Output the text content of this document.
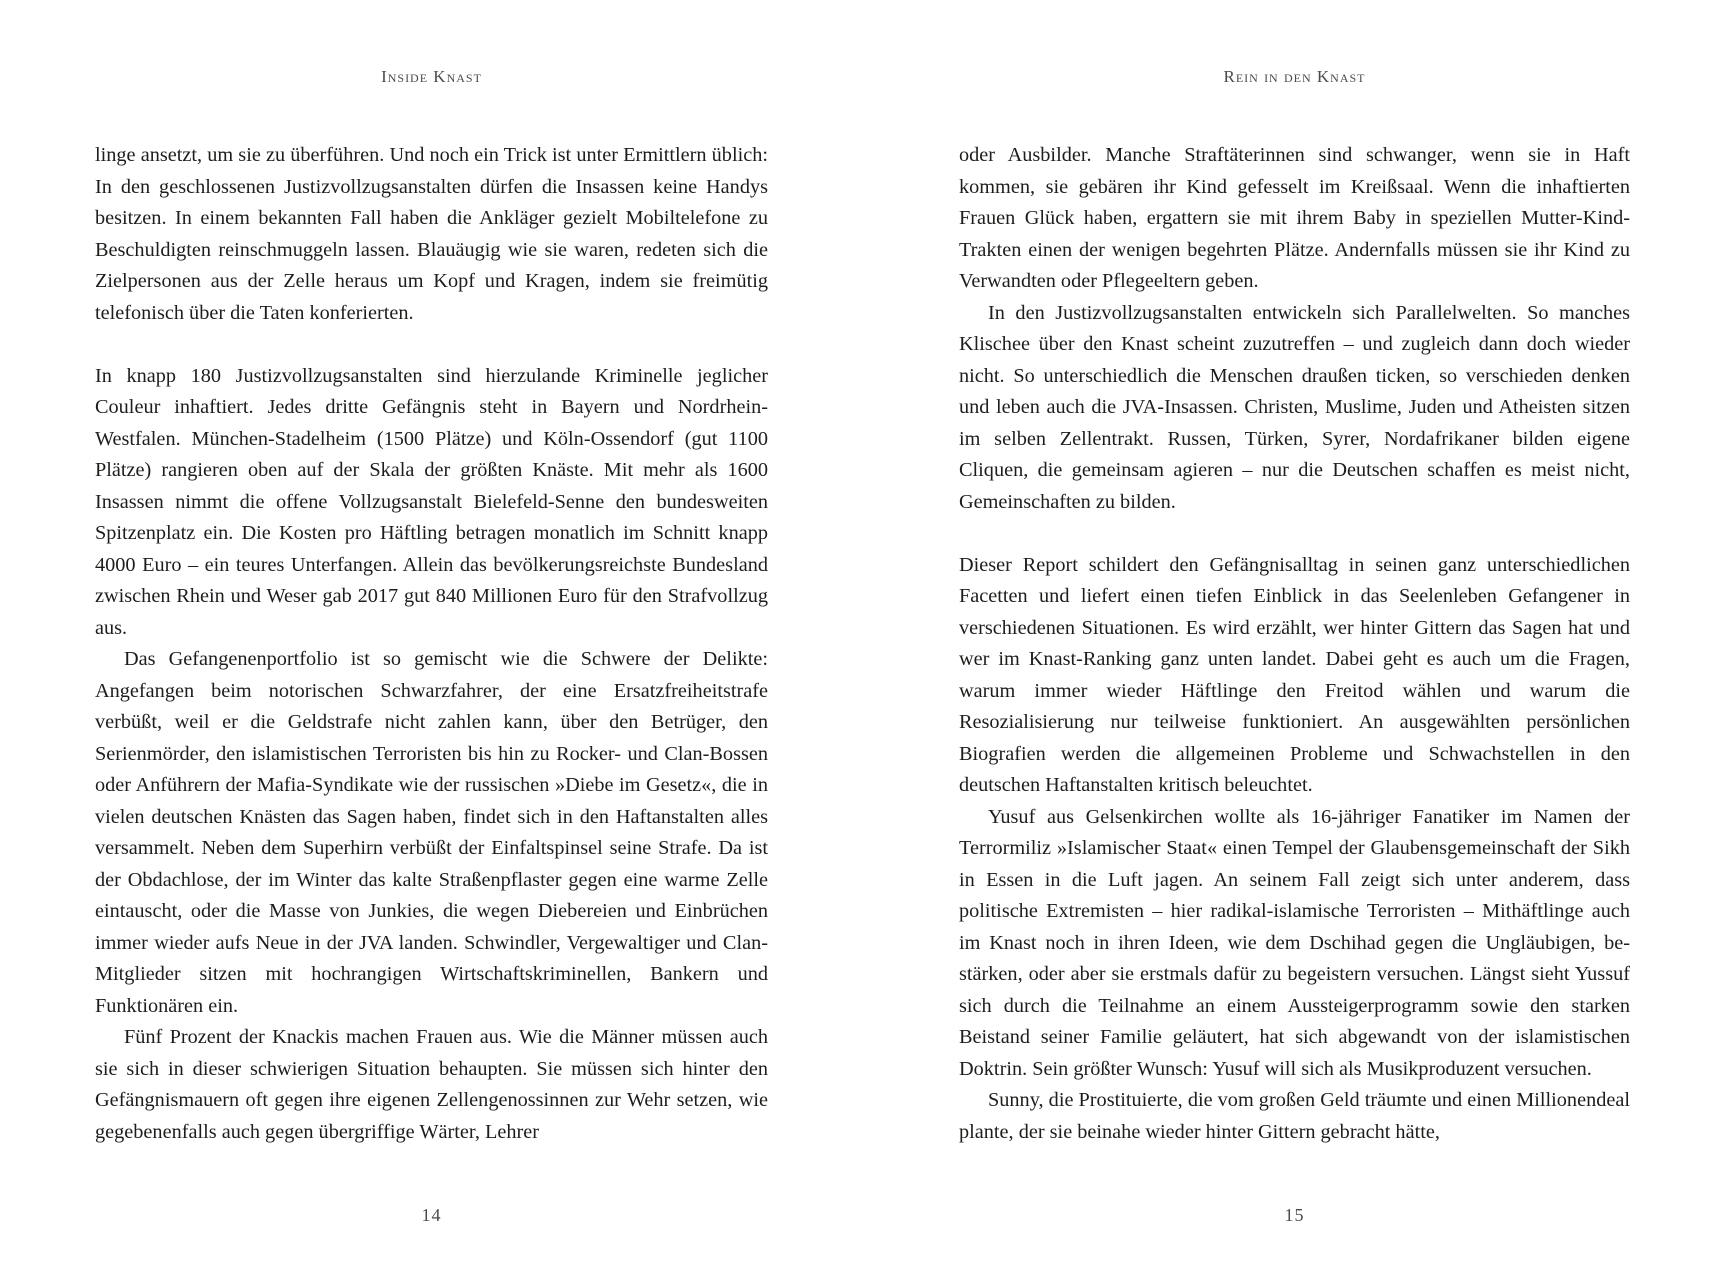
Inside Knast

linge ansetzt, um sie zu überführen. Und noch ein Trick ist unter Ermittlern üblich: In den geschlossenen Justizvollzugsanstalten dürfen die Insassen keine Handys besitzen. In einem bekannten Fall haben die Ankläger gezielt Mobiltelefone zu Beschuldigten reinschmuggeln lassen. Blauäugig wie sie waren, redeten sich die Zielpersonen aus der Zelle heraus um Kopf und Kragen, indem sie freimütig telefonisch über die Taten konferierten.

In knapp 180 Justizvollzugsanstalten sind hierzulande Kriminelle jeglicher Couleur inhaftiert. Jedes dritte Gefängnis steht in Bayern und Nordrhein-Westfalen. München-Stadelheim (1500 Plätze) und Köln-Ossendorf (gut 1100 Plätze) rangieren oben auf der Skala der größten Knäste. Mit mehr als 1600 Insassen nimmt die offene Vollzugsanstalt Bielefeld-Senne den bundesweiten Spitzenplatz ein. Die Kosten pro Häftling betragen monatlich im Schnitt knapp 4000 Euro – ein teures Unterfangen. Allein das bevölkerungsreichste Bundesland zwischen Rhein und Weser gab 2017 gut 840 Millionen Euro für den Strafvollzug aus.

Das Gefangenenportfolio ist so gemischt wie die Schwere der Delikte: Angefangen beim notorischen Schwarzfahrer, der eine Ersatzfreiheitstrafe verbüßt, weil er die Geldstrafe nicht zahlen kann, über den Betrüger, den Serienmörder, den islamistischen Terroristen bis hin zu Rocker- und Clan-Bossen oder Anführern der Mafia-Syndikate wie der russischen »Diebe im Gesetz«, die in vielen deutschen Knästen das Sagen haben, findet sich in den Haftanstalten alles versammelt. Neben dem Superhirn verbüßt der Einfaltspinsel seine Strafe. Da ist der Obdachlose, der im Winter das kalte Straßenpflaster gegen eine warme Zelle eintauscht, oder die Masse von Junkies, die wegen Diebereien und Einbrüchen immer wieder aufs Neue in der JVA landen. Schwindler, Vergewaltiger und Clan-Mitglieder sitzen mit hochrangigen Wirtschaftskriminellen, Bankern und Funktionären ein.

Fünf Prozent der Knackis machen Frauen aus. Wie die Männer müssen auch sie sich in dieser schwierigen Situation behaupten. Sie müssen sich hinter den Gefängnismauern oft gegen ihre eigenen Zellengenossinnen zur Wehr setzen, wie gegebenenfalls auch gegen übergriffige Wärter, Lehrer

14
Rein in den Knast

oder Ausbilder. Manche Straftäterinnen sind schwanger, wenn sie in Haft kommen, sie gebären ihr Kind gefesselt im Kreißsaal. Wenn die inhaftierten Frauen Glück haben, ergattern sie mit ihrem Baby in speziellen Mutter-Kind-Trakten einen der wenigen begehrten Plätze. Andernfalls müssen sie ihr Kind zu Verwandten oder Pflegeeltern geben.

In den Justizvollzugsanstalten entwickeln sich Parallelwelten. So manches Klischee über den Knast scheint zuzutreffen – und zugleich dann doch wieder nicht. So unterschiedlich die Menschen draußen ticken, so verschieden denken und leben auch die JVA-Insassen. Christen, Muslime, Juden und Atheisten sitzen im selben Zellentrakt. Russen, Türken, Syrer, Nordafrikaner bilden eigene Cliquen, die gemeinsam agieren – nur die Deutschen schaffen es meist nicht, Gemeinschaften zu bilden.

Dieser Report schildert den Gefängnisalltag in seinen ganz unterschiedlichen Facetten und liefert einen tiefen Einblick in das Seelenleben Gefangener in verschiedenen Situationen. Es wird erzählt, wer hinter Gittern das Sagen hat und wer im Knast-Ranking ganz unten landet. Dabei geht es auch um die Fragen, warum immer wieder Häftlinge den Freitod wählen und warum die Resozialisierung nur teilweise funktioniert. An ausgewählten persönlichen Biografien werden die allgemeinen Probleme und Schwachstellen in den deutschen Haftanstalten kritisch beleuchtet.

Yusuf aus Gelsenkirchen wollte als 16-jähriger Fanatiker im Namen der Terrormiliz »Islamischer Staat« einen Tempel der Glaubensgemeinschaft der Sikh in Essen in die Luft jagen. An seinem Fall zeigt sich unter anderem, dass politische Extremisten – hier radikal-islamische Terroristen – Mithäftlinge auch im Knast noch in ihren Ideen, wie dem Dschihad gegen die Ungläubigen, bestärken, oder aber sie erstmals dafür zu begeistern versuchen. Längst sieht Yussuf sich durch die Teilnahme an einem Aussteigerprogramm sowie den starken Beistand seiner Familie geläutert, hat sich abgewandt von der islamistischen Doktrin. Sein größter Wunsch: Yusuf will sich als Musikproduzent versuchen.

Sunny, die Prostituierte, die vom großen Geld träumte und einen Millionendeal plante, der sie beinahe wieder hinter Gittern gebracht hätte,

15
